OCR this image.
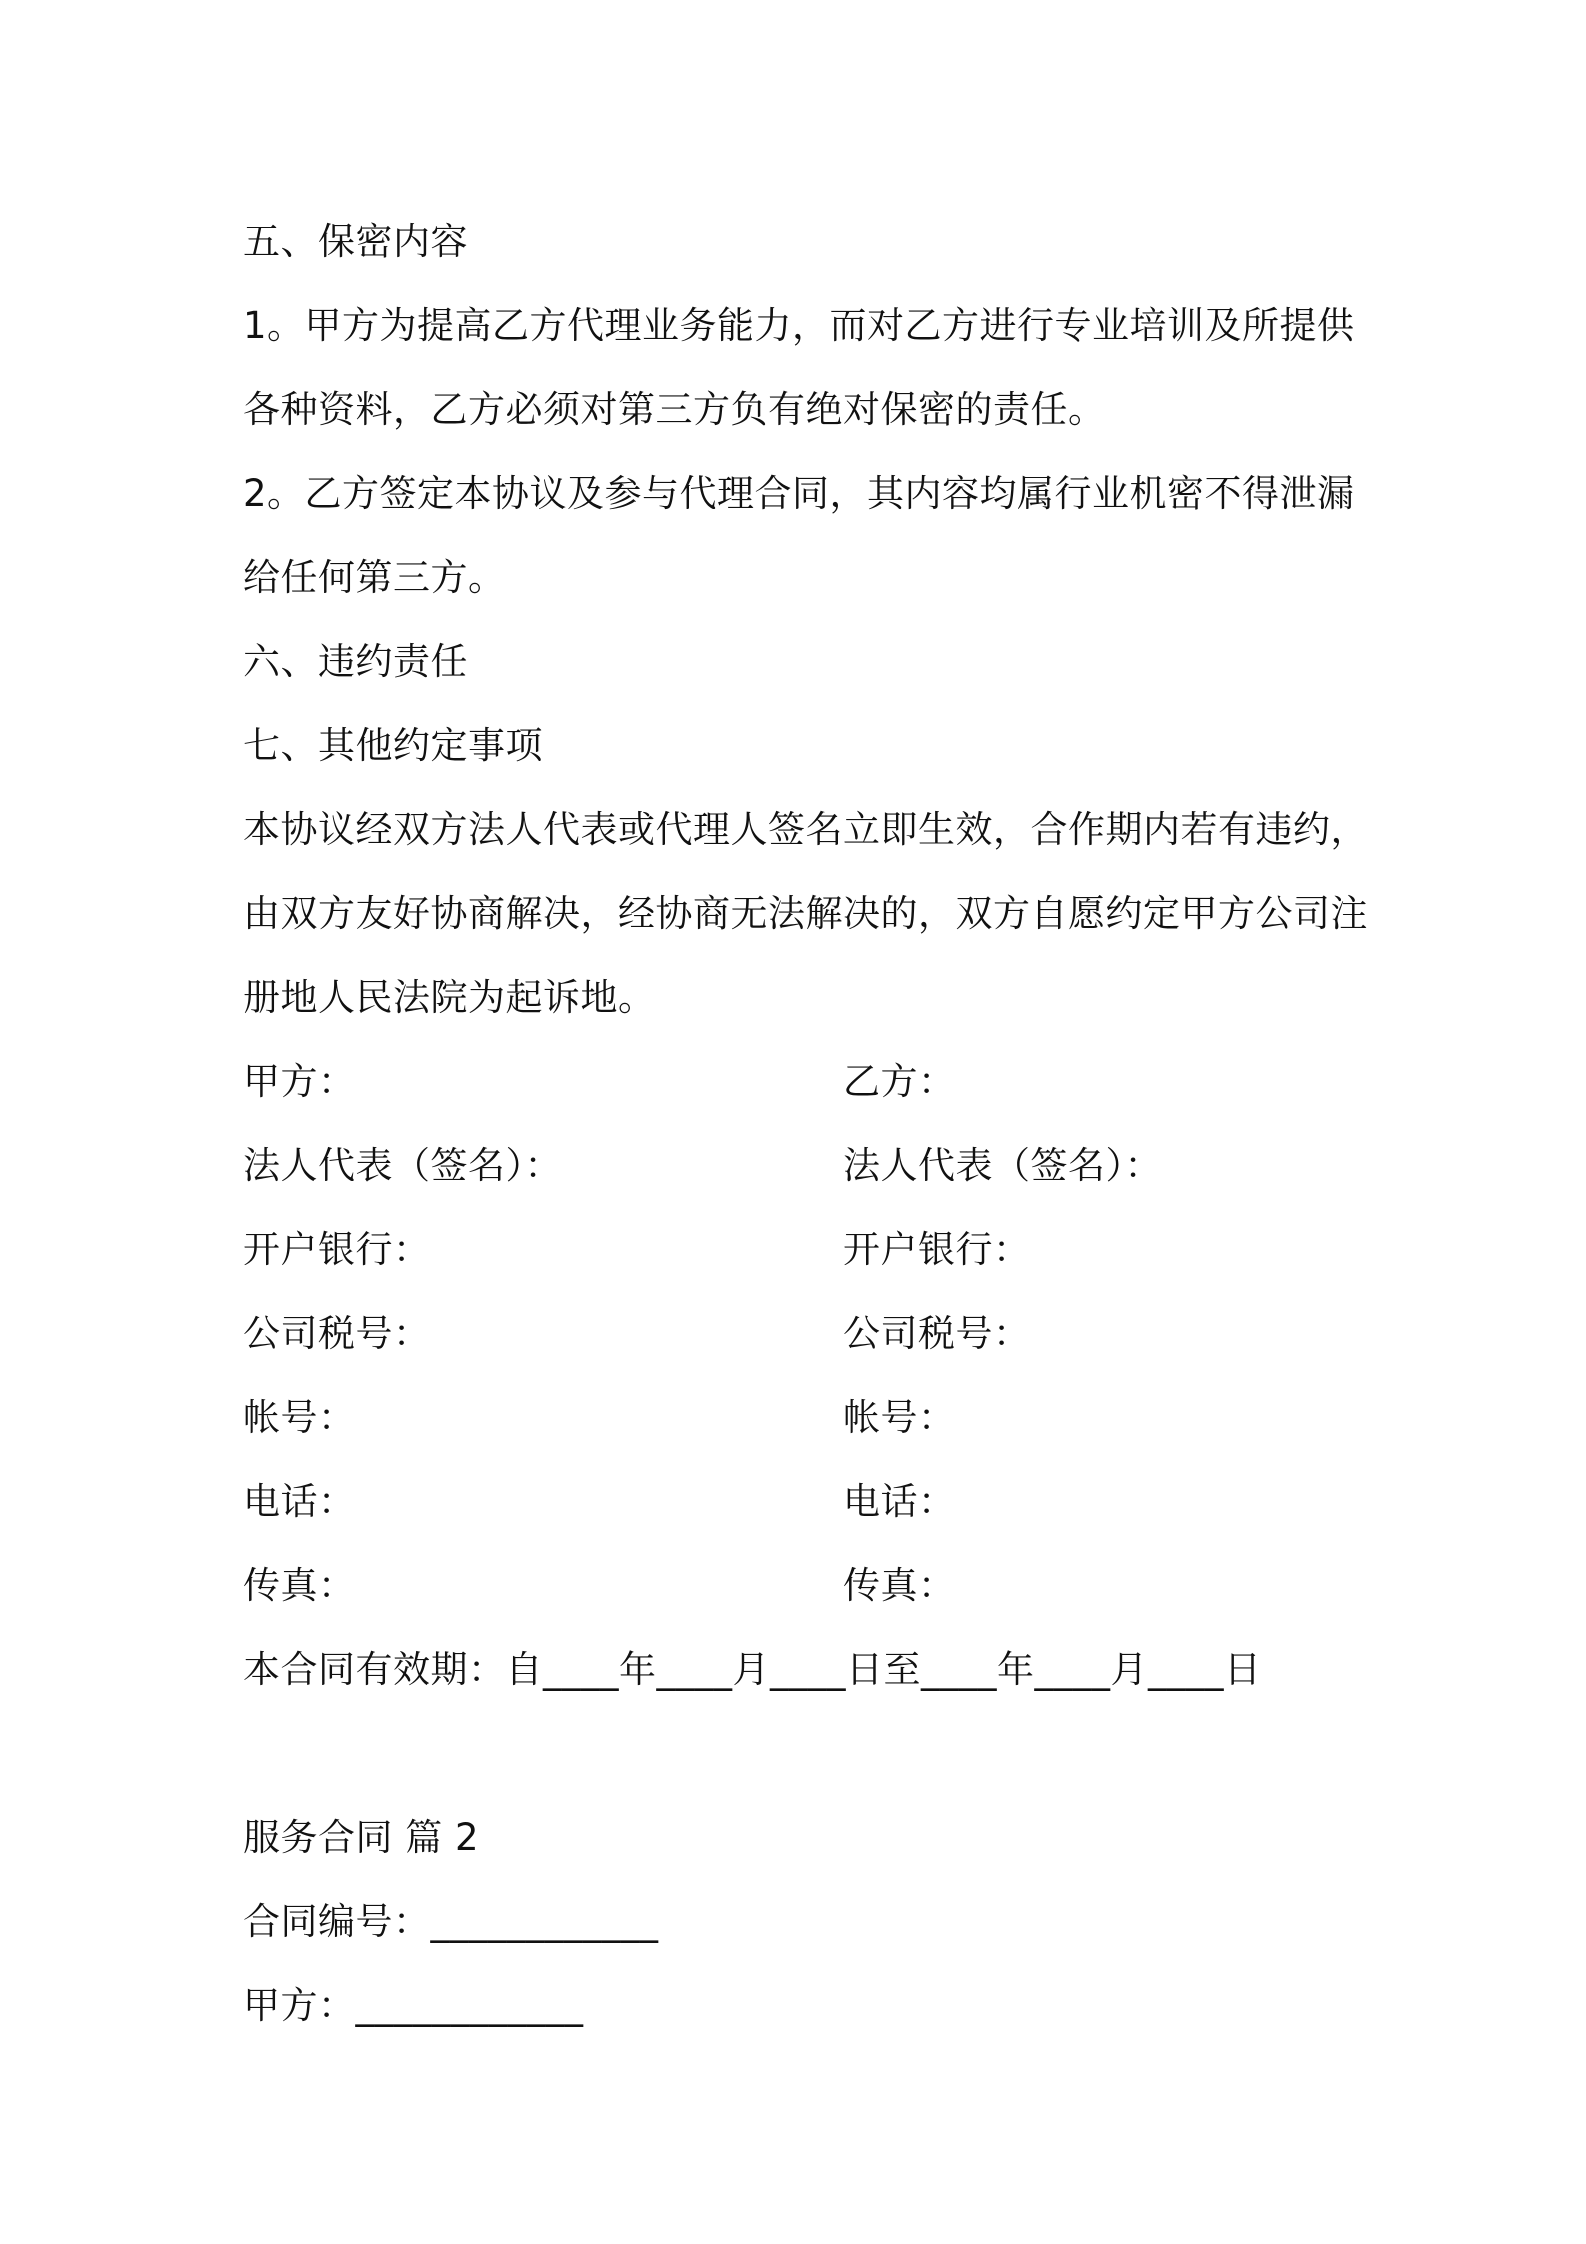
五、保密内容
1。甲方为提高乙方代理业务能力，而对乙方进行专业培训及所提供
各种资料，乙方必须对第三方负有绝对保密的责任。
2。乙方签定本协议及参与代理合同，其内容均属行业机密不得泄漏
给任何第三方。
六、违约责任
七、其他约定事项
本协议经双方法人代表或代理人签名立即生效，合作期内若有违约，
由双方友好协商解决，经协商无法解决的，双方自愿约定甲方公司注
册地人民法院为起诉地。
甲方：	乙方：
法人代表（签名）：	法人代表（签名）：
开户银行：	开户银行：
公司税号：	公司税号：
帐号：	帐号：
电话：	电话：
传真：	传真：
本合同有效期：自____年____月____日至____年____月____日
服务合同 篇 2
合同编号：____________
甲方：____________
